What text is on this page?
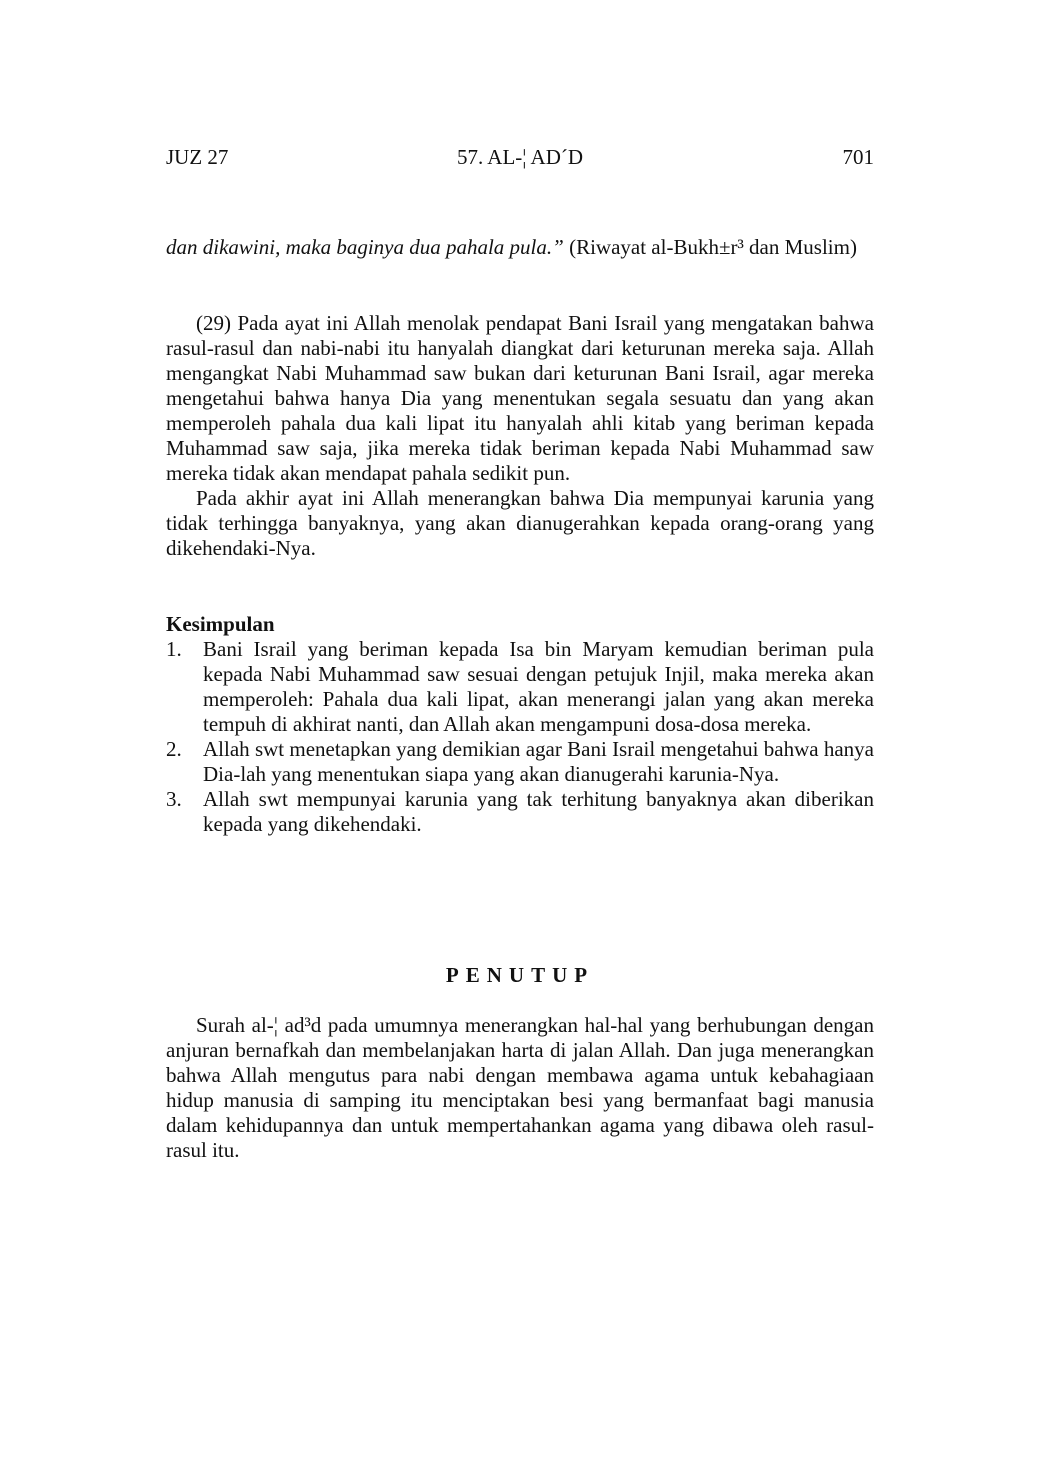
JUZ 27	57. AL-¦ AD´D	701

dan dikawini, maka baginya dua pahala pula.” (Riwayat al-Bukh±r³ dan Muslim)

(29) Pada ayat ini Allah menolak pendapat Bani Israil yang mengatakan bahwa rasul-rasul dan nabi-nabi itu hanyalah diangkat dari keturunan mereka saja. Allah mengangkat Nabi Muhammad saw bukan dari keturunan Bani Israil, agar mereka mengetahui bahwa hanya Dia yang menentukan segala sesuatu dan yang akan memperoleh pahala dua kali lipat itu hanyalah ahli kitab yang beriman kepada Muhammad saw saja, jika mereka tidak beriman kepada Nabi Muhammad saw mereka tidak akan mendapat pahala sedikit pun.

Pada akhir ayat ini Allah menerangkan bahwa Dia mempunyai karunia yang tidak terhingga banyaknya, yang akan dianugerahkan kepada orang-orang yang dikehendaki-Nya.

Kesimpulan

1. Bani Israil yang beriman kepada Isa bin Maryam kemudian beriman pula kepada Nabi Muhammad saw sesuai dengan petujuk Injil, maka mereka akan memperoleh: Pahala dua kali lipat, akan menerangi jalan yang akan mereka tempuh di akhirat nanti, dan Allah akan mengampuni dosa-dosa mereka.
2. Allah swt menetapkan yang demikian agar Bani Israil mengetahui bahwa hanya Dia-lah yang menentukan siapa yang akan dianugerahi karunia-Nya.
3. Allah swt mempunyai karunia yang tak terhitung banyaknya akan diberikan kepada yang dikehendaki.
PENUTUP

Surah al-¦ ad³d pada umumnya menerangkan hal-hal yang berhubungan dengan anjuran bernafkah dan membelanjakan harta di jalan Allah. Dan juga menerangkan bahwa Allah mengutus para nabi dengan membawa agama untuk kebahagiaan hidup manusia di samping itu menciptakan besi yang bermanfaat bagi manusia dalam kehidupannya dan untuk mempertahankan agama yang dibawa oleh rasul-rasul itu.
